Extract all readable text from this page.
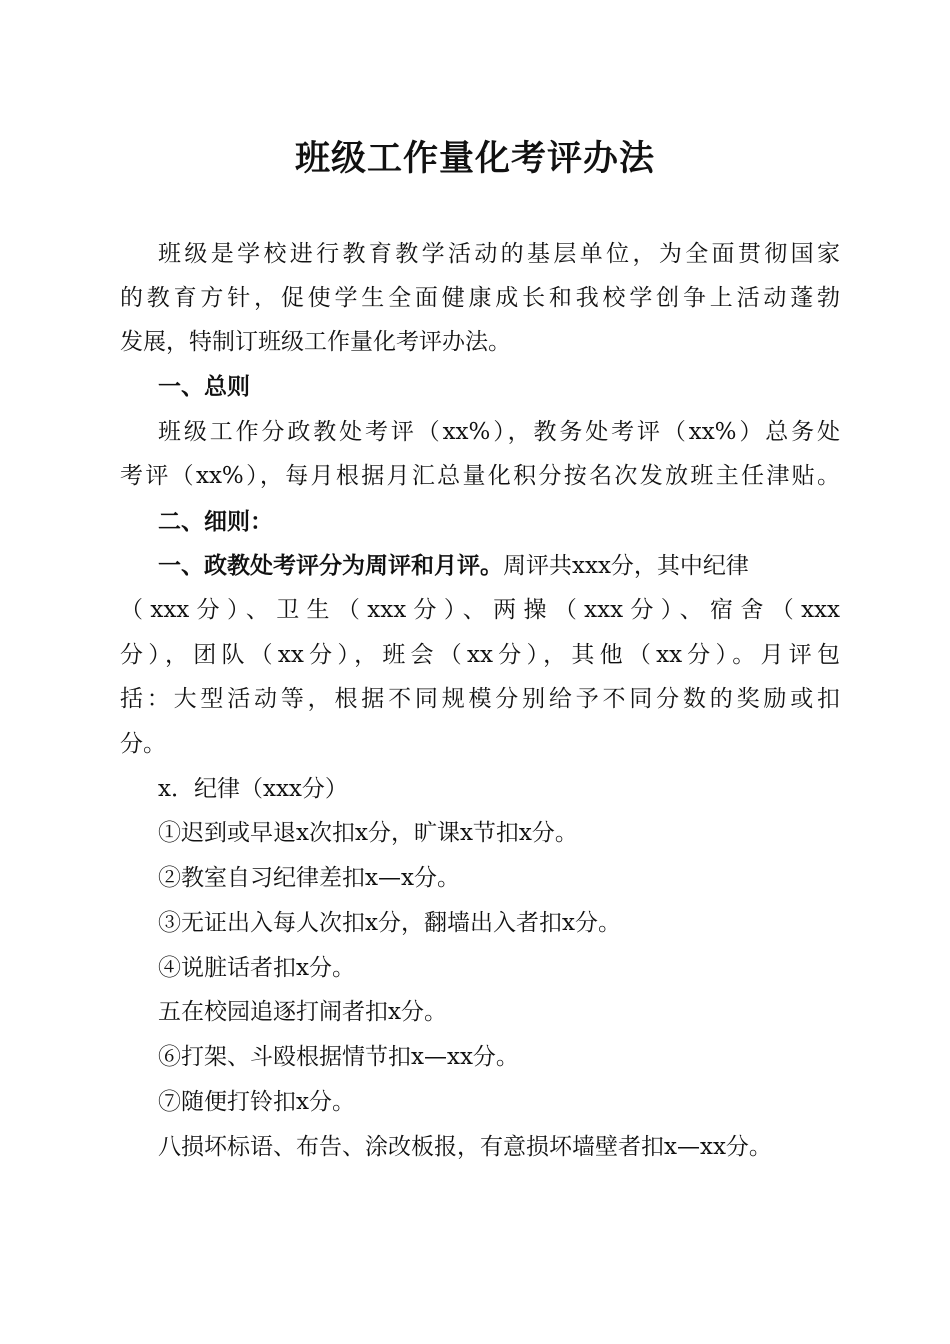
班级工作量化考评办法
班级是学校进行教育教学活动的基层单位，为全面贯彻国家
的教育方针，促使学生全面健康成长和我校学创争上活动蓬勃
发展，特制订班级工作量化考评办法。
一、总则
班级工作分政教处考评（xx%），教务处考评（xx%）总务处
考评（xx%），每月根据月汇总量化积分按名次发放班主任津贴。
二、细则：
一、政教处考评分为周评和月评。周评共xxx分，其中纪律
（xxx分）、卫生（xxx分）、两操（xxx分）、宿舍（xxx
分），团队（xx分），班会（xx分），其他（xx分）。月评包
括：大型活动等，根据不同规模分别给予不同分数的奖励或扣
分。
x．纪律（xxx分）
①迟到或早退x次扣x分，旷课x节扣x分。
②教室自习纪律差扣x—x分。
③无证出入每人次扣x分，翻墙出入者扣x分。
④说脏话者扣x分。
五在校园追逐打闹者扣x分。
⑥打架、斗殴根据情节扣x—xx分。
⑦随便打铃扣x分。
八损坏标语、布告、涂改板报，有意损坏墙壁者扣x—xx分。
